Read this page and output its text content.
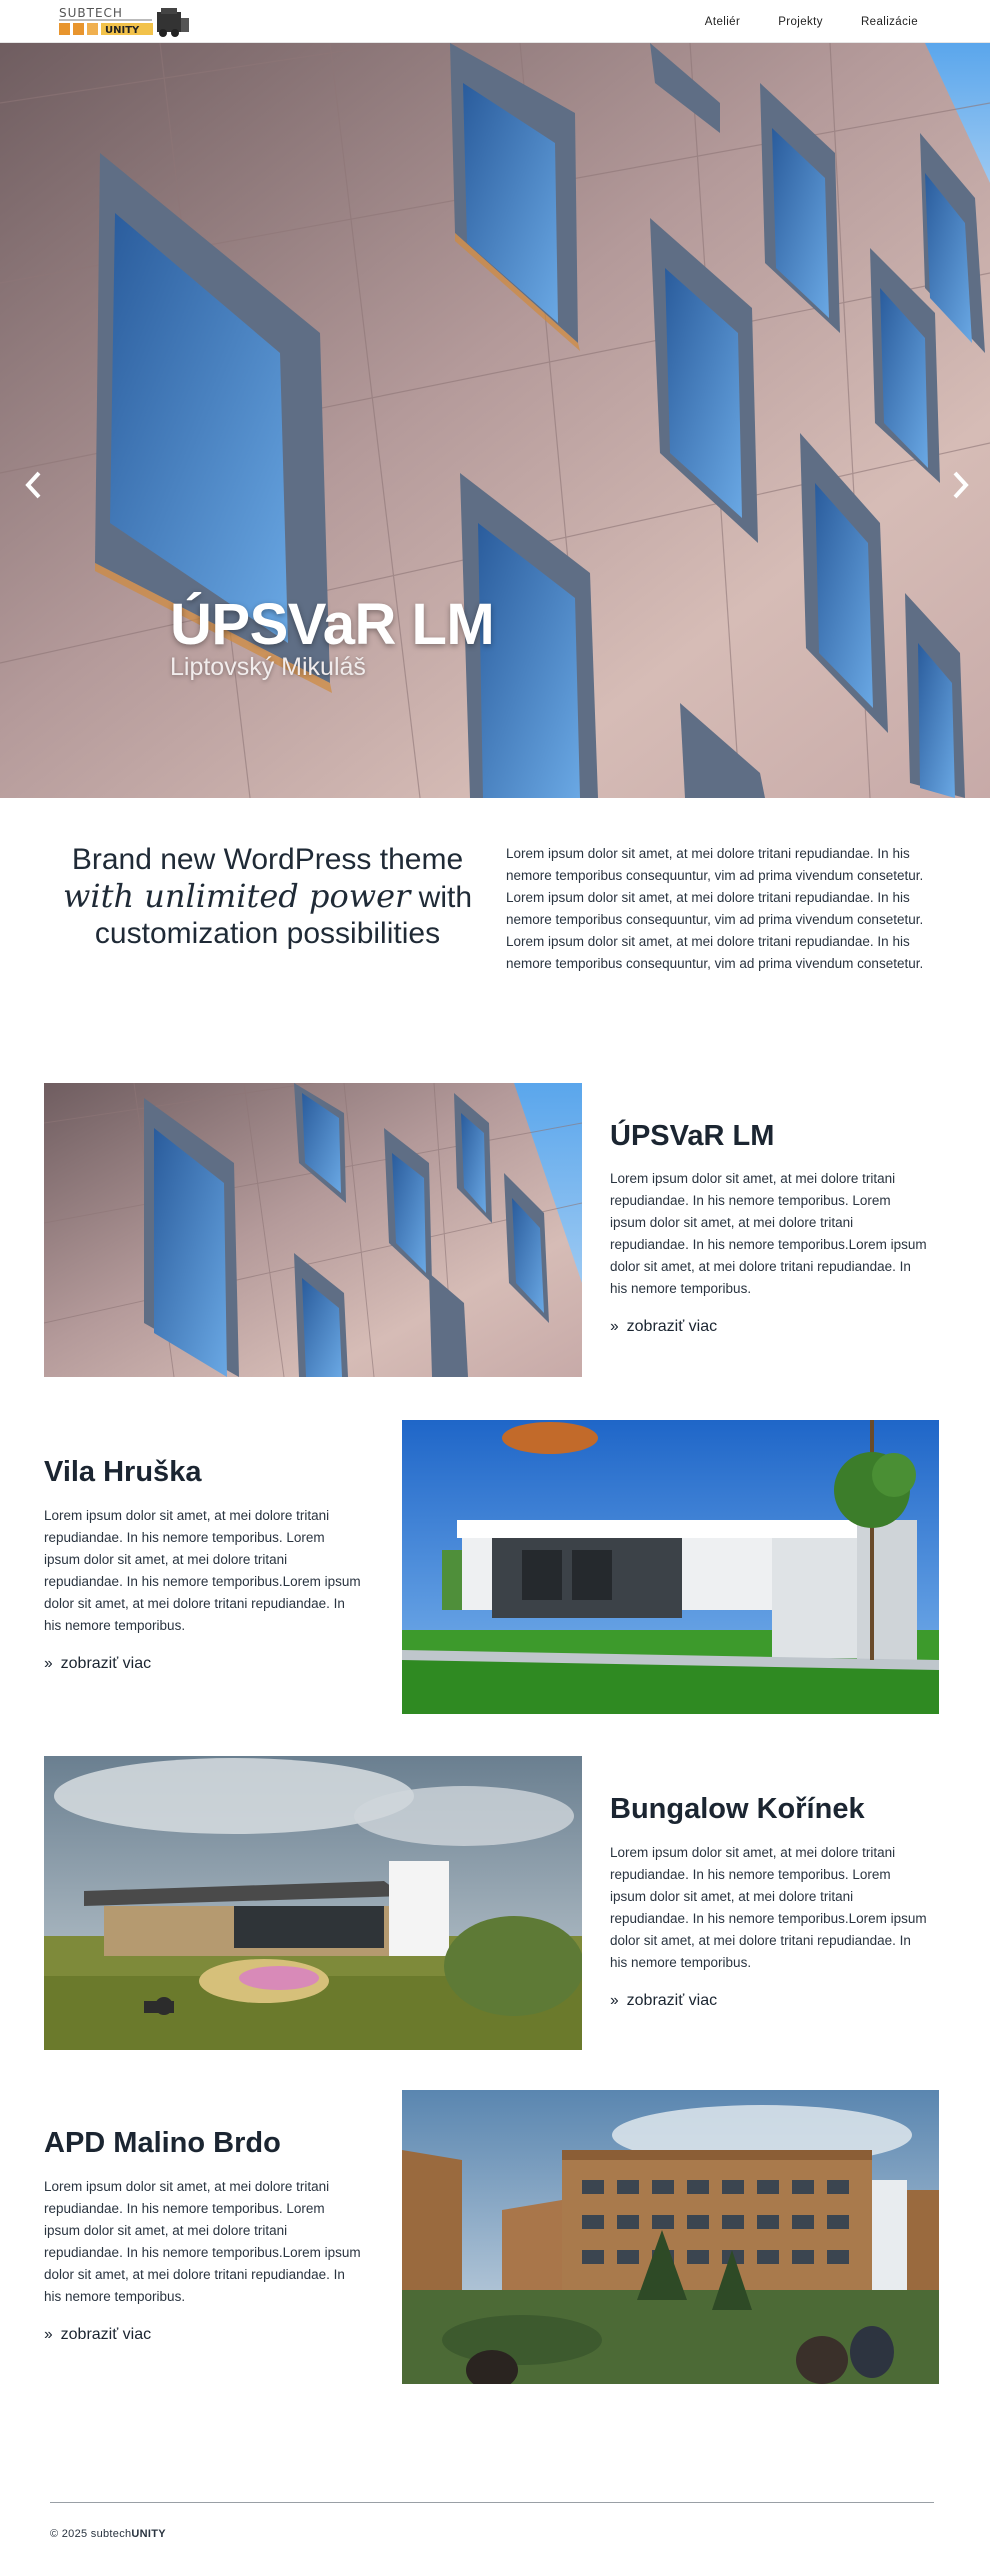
SUBTECH
UNITY
Ateliér	Projekty	Realizácie
ÚPSVaR LM
Liptovský Mikuláš
Brand new WordPress theme with unlimited power with customization possibilities
Lorem ipsum dolor sit amet, at mei dolore tritani repudiandae. In his nemore temporibus consequuntur, vim ad prima vivendum consetetur. Lorem ipsum dolor sit amet, at mei dolore tritani repudiandae. In his nemore temporibus consequuntur, vim ad prima vivendum consetetur. Lorem ipsum dolor sit amet, at mei dolore tritani repudiandae. In his nemore temporibus consequuntur, vim ad prima vivendum consetetur.
ÚPSVaR LM
Lorem ipsum dolor sit amet, at mei dolore tritani repudiandae. In his nemore temporibus. Lorem ipsum dolor sit amet, at mei dolore tritani repudiandae. In his nemore temporibus.Lorem ipsum dolor sit amet, at mei dolore tritani repudiandae. In his nemore temporibus.
›› zobraziť viac
Vila Hruška
Lorem ipsum dolor sit amet, at mei dolore tritani repudiandae. In his nemore temporibus. Lorem ipsum dolor sit amet, at mei dolore tritani repudiandae. In his nemore temporibus.Lorem ipsum dolor sit amet, at mei dolore tritani repudiandae. In his nemore temporibus.
›› zobraziť viac
Bungalow Kořínek
Lorem ipsum dolor sit amet, at mei dolore tritani repudiandae. In his nemore temporibus. Lorem ipsum dolor sit amet, at mei dolore tritani repudiandae. In his nemore temporibus.Lorem ipsum dolor sit amet, at mei dolore tritani repudiandae. In his nemore temporibus.
›› zobraziť viac
APD Malino Brdo
Lorem ipsum dolor sit amet, at mei dolore tritani repudiandae. In his nemore temporibus. Lorem ipsum dolor sit amet, at mei dolore tritani repudiandae. In his nemore temporibus.Lorem ipsum dolor sit amet, at mei dolore tritani repudiandae. In his nemore temporibus.
›› zobraziť viac
© 2025 subtechUNITY
